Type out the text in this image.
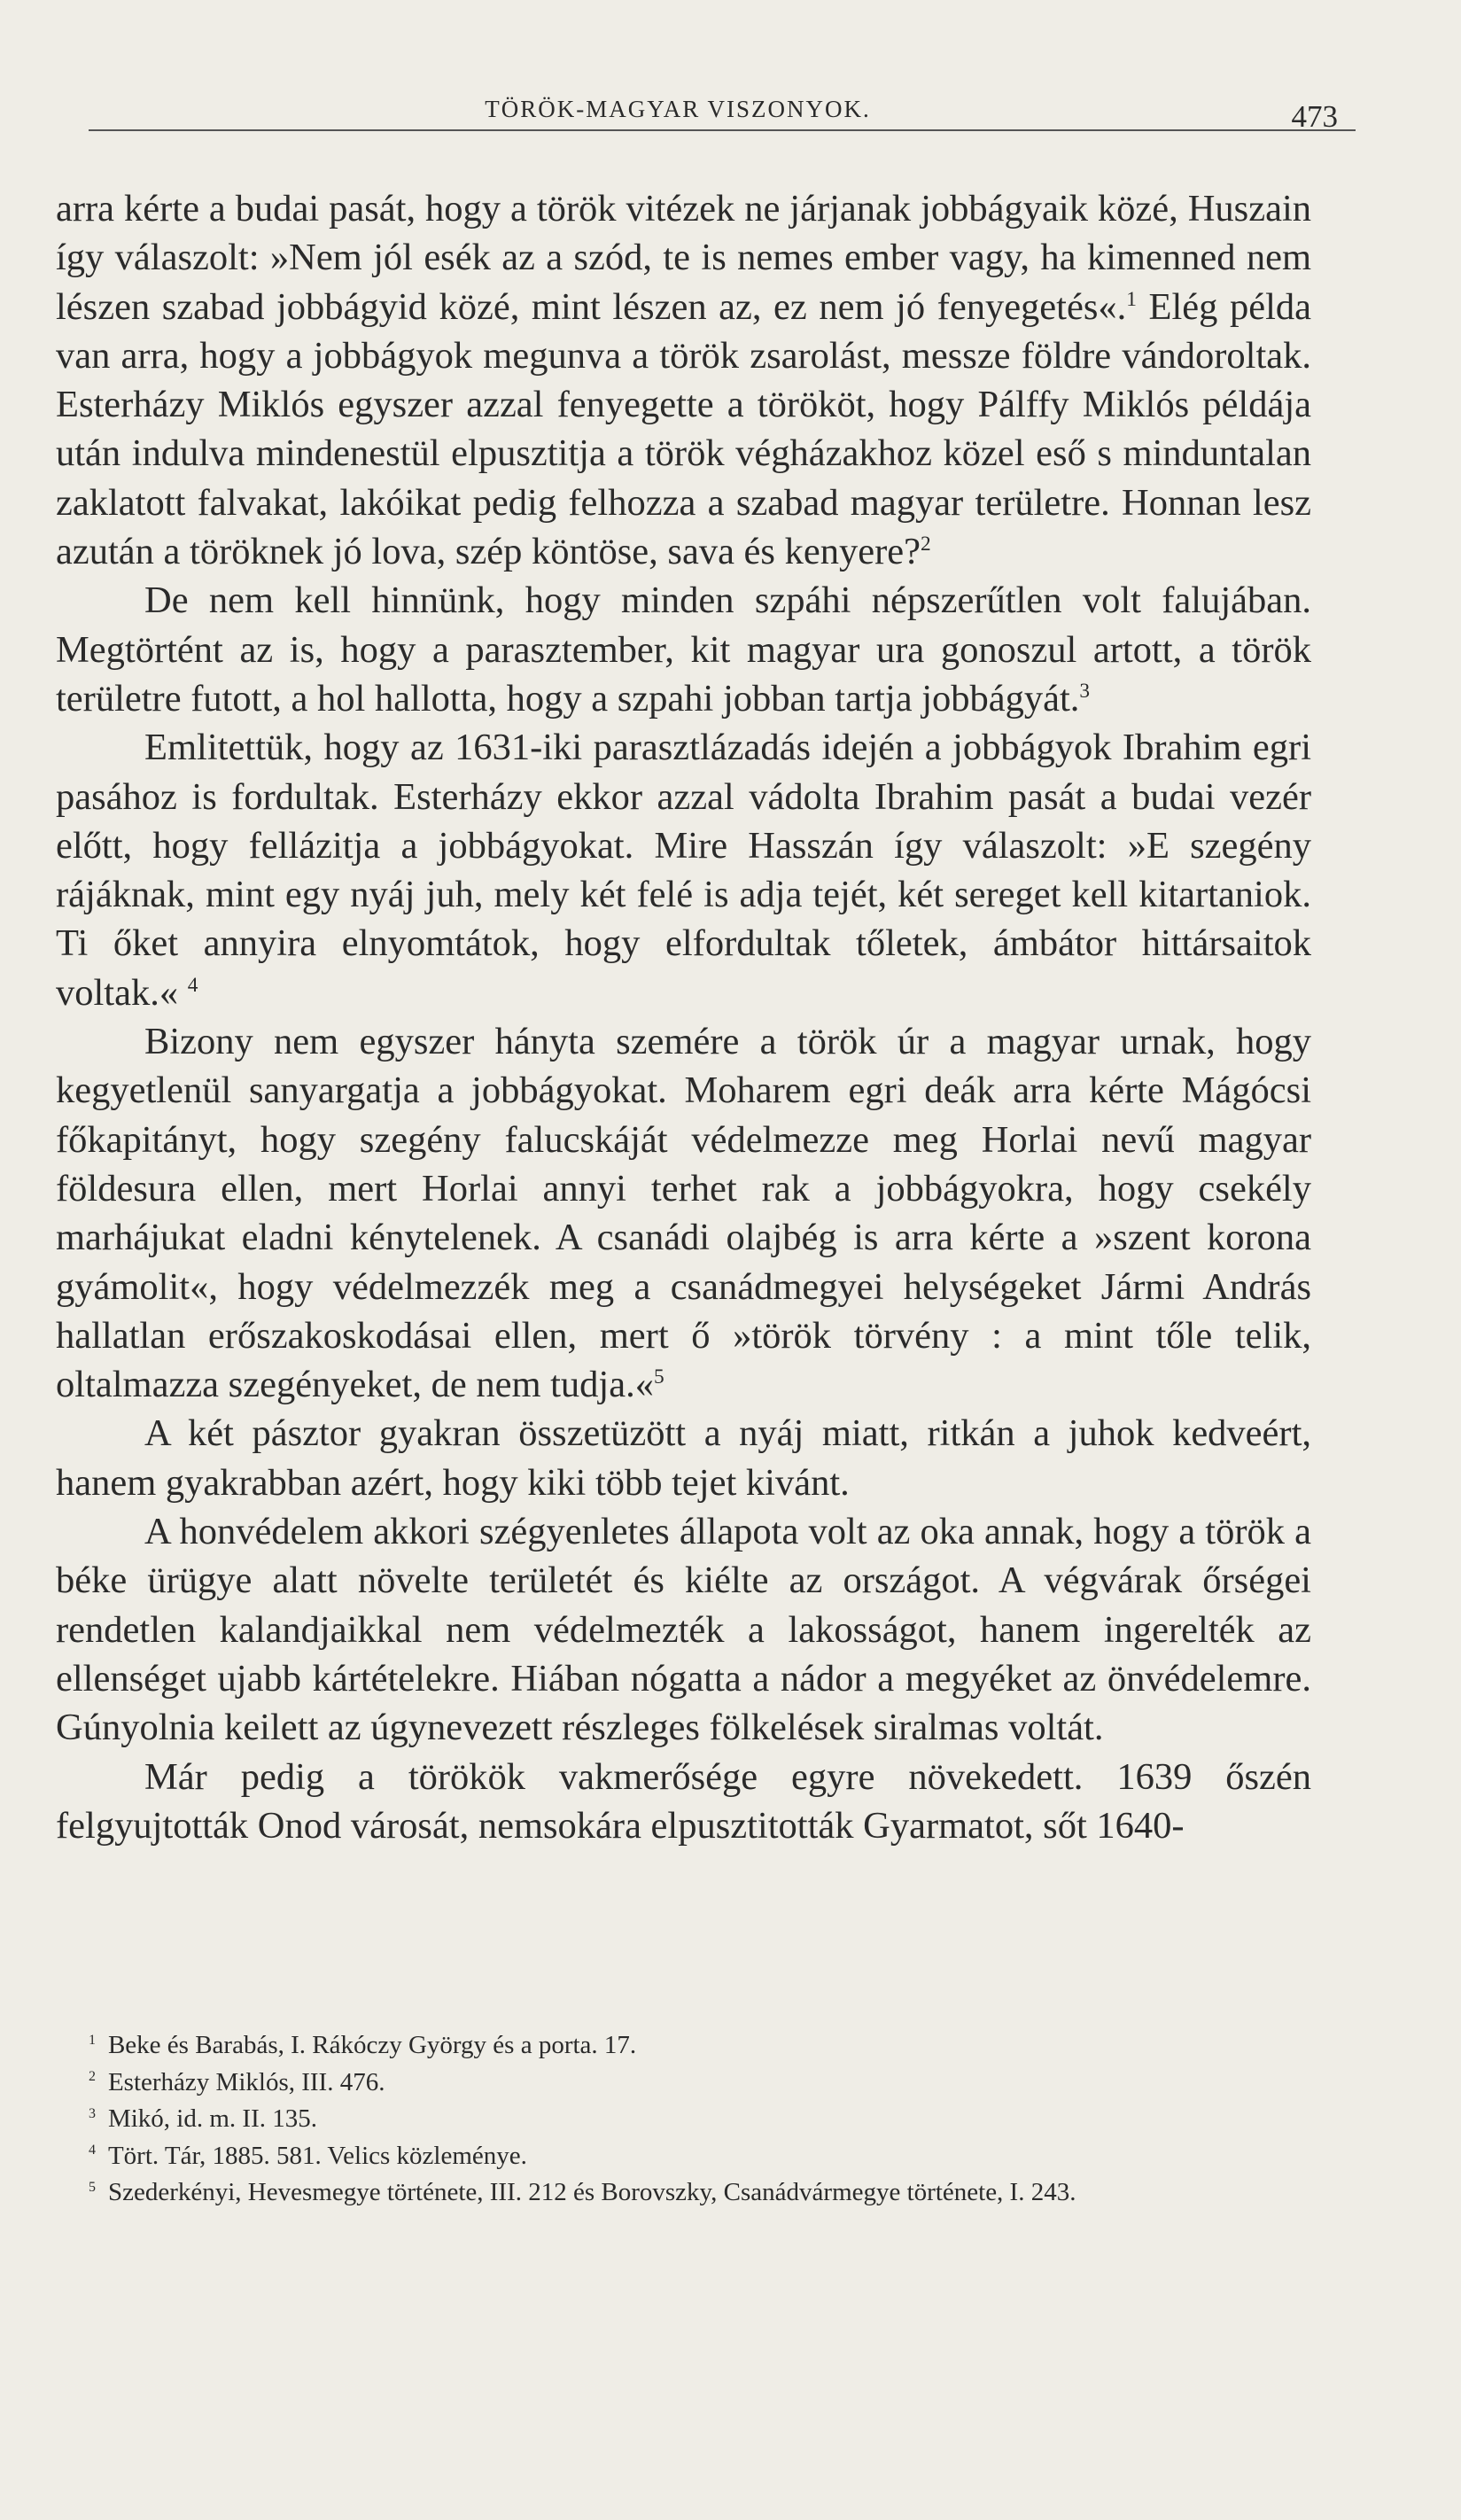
TÖRÖK-MAGYAR VISZONYOK.	473

arra kérte a budai pasát, hogy a török vitézek ne járjanak jobbágyaik közé, Huszain így válaszolt: »Nem jól esék az a szód, te is nemes ember vagy, ha kimenned nem lészen szabad jobbágyid közé, mint lészen az, ez nem jó fenyegetés«.$^1$ Elég példa van arra, hogy a jobbágyok megunva a török zsarolást, messze földre vándoroltak. Esterházy Miklós egyszer azzal fenyegette a törököt, hogy Pálffy Miklós példája után indulva mindenestül elpusztitja a török végházakhoz közel eső s minduntalan zaklatott falvakat, lakóikat pedig felhozza a szabad magyar területre. Honnan lesz azután a töröknek jó lova, szép köntöse, sava és kenyere?$^2$

De nem kell hinnünk, hogy minden szpáhi népszerűtlen volt falujában. Megtörtént az is, hogy a parasztember, kit magyar ura gonoszul artott, a török területre futott, a hol hallotta, hogy a szpahi jobban tartja jobbágyát.$^3$

Emlitettük, hogy az 1631-iki parasztlázadás idején a jobbágyok Ibrahim egri pasához is fordultak. Esterházy ekkor azzal vádolta Ibrahim pasát a budai vezér előtt, hogy fellázitja a jobbágyokat. Mire Hasszán így válaszolt: »E szegény rájáknak, mint egy nyáj juh, mely két felé is adja tejét, két sereget kell kitartaniok. Ti őket annyira elnyomtátok, hogy elfordultak tőletek, ámbátor hittársaitok voltak.« $^4$

Bizony nem egyszer hányta szemére a török úr a magyar urnak, hogy kegyetlenül sanyargatja a jobbágyokat. Moharem egri deák arra kérte Mágócsi főkapitányt, hogy szegény falucskáját védelmezze meg Horlai nevű magyar földesura ellen, mert Horlai annyi terhet rak a jobbágyokra, hogy csekély marhájukat eladni kénytelenek. A csanádi olajbég is arra kérte a »szent korona gyámolit«, hogy védelmezzék meg a csanádmegyei helységeket Jármi András hallatlan erőszakoskodásai ellen, mert ő »török törvény : a mint tőle telik, oltalmazza szegényeket, de nem tudja.«$^5$

A két pásztor gyakran összetüzött a nyáj miatt, ritkán a juhok kedveért, hanem gyakrabban azért, hogy kiki több tejet kivánt.

A honvédelem akkori szégyenletes állapota volt az oka annak, hogy a török a béke ürügye alatt növelte területét és kiélte az országot. A végvárak őrségei rendetlen kalandjaikkal nem védelmezték a lakosságot, hanem ingerelték az ellenséget ujabb kártételekre. Hiában nógatta a nádor a megyéket az önvédelemre. Gúnyolnia keilett az úgynevezett részleges fölkelések siralmas voltát.

Már pedig a törökök vakmerősége egyre növekedett. 1639 őszén felgyujtották Onod városát, nemsokára elpusztitották Gyarmatot, sőt 1640-

$^1$ Beke és Barabás, I. Rákóczy György és a porta. 17.

$^2$ Esterházy Miklós, III. 476.

$^3$ Mikó, id. m. II. 135.

$^4$ Tört. Tár, 1885. 581. Velics közleménye.

$^5$ Szederkényi, Hevesmegye története, III. 212 és Borovszky, Csanádvármegye története, I. 243.
